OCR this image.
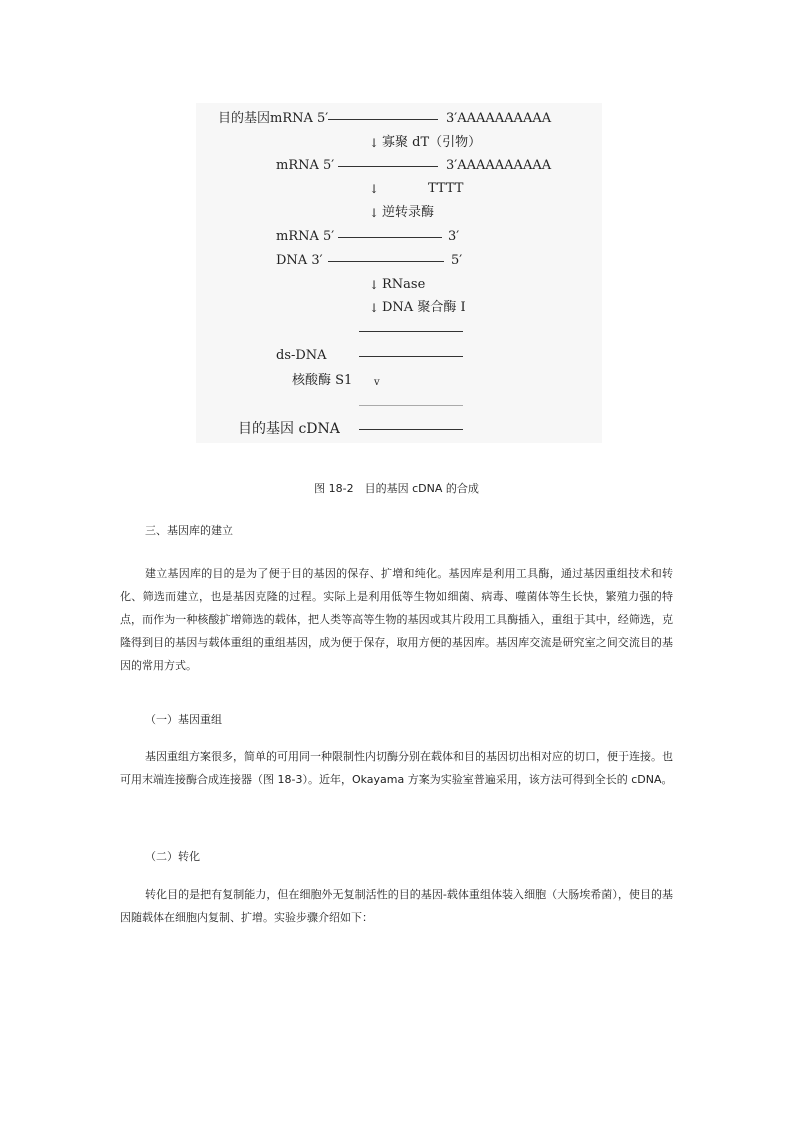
目的基因mRNA 5′	3′AAAAAAAAAA
↓ 寡聚 dT（引物）
mRNA 5′	3′AAAAAAAAAA
↓	TTTT
↓ 逆转录酶
mRNA 5′	3′
DNA 3′	5′
↓ RNase
↓ DNA 聚合酶 I
ds-DNA
核酸酶 S1 v
目的基因 cDNA
图 18-2　目的基因 cDNA 的合成
三、基因库的建立

建立基因库的目的是为了便于目的基因的保存、扩增和纯化。基因库是利用工具酶，通过基因重组技术和转化、筛选而建立，也是基因克隆的过程。实际上是利用低等生物如细菌、病毒、噬菌体等生长快，繁殖力强的特点，而作为一种核酸扩增筛选的载体，把人类等高等生物的基因或其片段用工具酶插入，重组于其中，经筛选，克隆得到目的基因与载体重组的重组基因，成为便于保存，取用方便的基因库。基因库交流是研究室之间交流目的基因的常用方式。

（一）基因重组

基因重组方案很多，简单的可用同一种限制性内切酶分别在载体和目的基因切出相对应的切口，便于连接。也可用末端连接酶合成连接器（图 18-3）。近年，Okayama 方案为实验室普遍采用，该方法可得到全长的 cDNA。

（二）转化

转化目的是把有复制能力，但在细胞外无复制活性的目的基因-载体重组体装入细胞（大肠埃希菌），使目的基因随载体在细胞内复制、扩增。实验步骤介绍如下：
